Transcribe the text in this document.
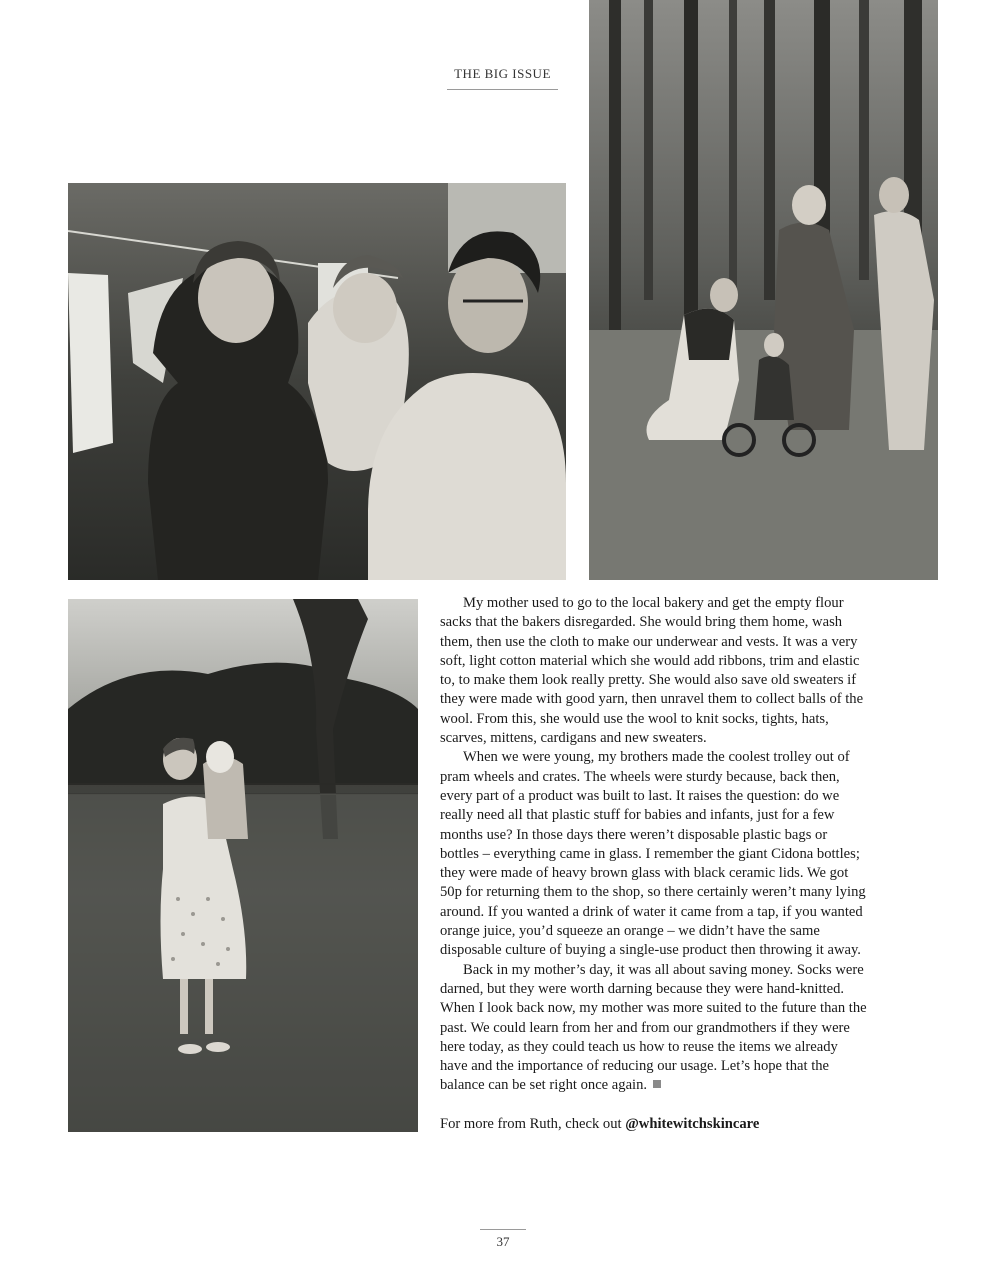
THE BIG ISSUE

My mother used to go to the local bakery and get the empty flour sacks that the bakers disregarded. She would bring them home, wash them, then use the cloth to make our underwear and vests. It was a very soft, light cotton material which she would add ribbons, trim and elastic to, to make them look really pretty. She would also save old sweaters if they were made with good yarn, then unravel them to collect balls of the wool. From this, she would use the wool to knit socks, tights, hats, scarves, mittens, cardigans and new sweaters.

When we were young, my brothers made the coolest trolley out of pram wheels and crates. The wheels were sturdy because, back then, every part of a product was built to last. It raises the question: do we really need all that plastic stuff for babies and infants, just for a few months use? In those days there weren’t disposable plastic bags or bottles – everything came in glass. I remember the giant Cidona bottles; they were made of heavy brown glass with black ceramic lids. We got 50p for returning them to the shop, so there certainly weren’t many lying around. If you wanted a drink of water it came from a tap, if you wanted orange juice, you’d squeeze an orange – we didn’t have the same disposable culture of buying a single-use product then throwing it away.

Back in my mother’s day, it was all about saving money. Socks were darned, but they were worth darning because they were hand-knitted. When I look back now, my mother was more suited to the future than the past. We could learn from her and from our grandmothers if they were here today, as they could teach us how to reuse the items we already have and the importance of reducing our usage. Let’s hope that the balance can be set right once again.

For more from Ruth, check out @whitewitchskincare
37
